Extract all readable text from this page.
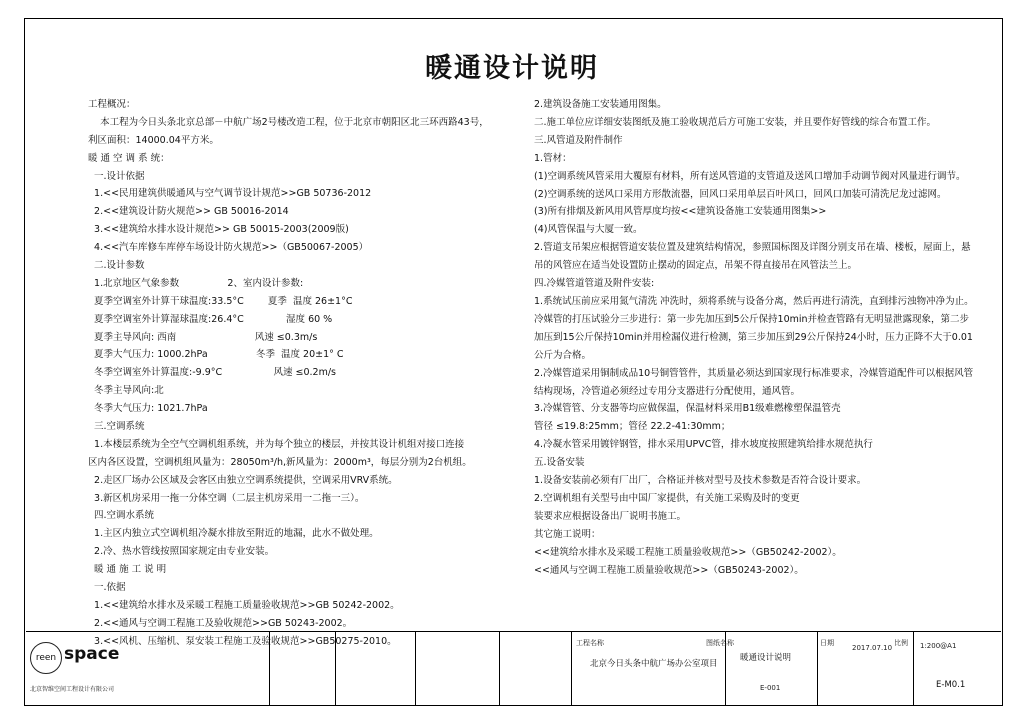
暖通设计说明
工程概况：
本工程为今日头条北京总部－中航广场2号楼改造工程，位于北京市朝阳区北三环西路43号，
利区面积：14000.04平方米。
暖 通 空 调 系 统：
一.设计依据
1.<<民用建筑供暖通风与空气调节设计规范>>GB 50736-2012
2.<<建筑设计防火规范>> GB 50016-2014
3.<<建筑给水排水设计规范>> GB 50015-2003(2009版)
4.<<汽车库修车库停车场设计防火规范>>（GB50067-2005）
二.设计参数
1.北京地区气象参数                2、室内设计参数:
夏季空调室外计算干球温度:33.5°C        夏季  温度 26±1°C
夏季空调室外计算湿球温度:26.4°C              湿度 60 %
夏季主导风向: 西南                          风速 ≤0.3m/s
夏季大气压力: 1000.2hPa                冬季  温度 20±1° C
冬季空调室外计算温度:-9.9°C                 风速 ≤0.2m/s
冬季主导风向:北
冬季大气压力: 1021.7hPa
三.空调系统
1.本楼层系统为全空气空调机组系统，并为每个独立的楼层，并按其设计机组对接口连接
区内各区设置，空调机组风量为：28050m³/h,新风量为：2000m³，每层分别为2台机组。
2.走区厂场办公区域及会客区由独立空调系统提供，空调采用VRV系统。
3.新区机房采用一拖一分体空调（二层主机房采用一二拖一三）。
四.空调水系统
1.主区内独立式空调机组冷凝水排放至附近的地漏，此水不做处理。
2.冷、热水管线按照国家规定由专业安装。
暖 通 施 工 说 明
一.依据
1.<<建筑给水排水及采暖工程施工质量验收规范>>GB 50242-2002。
2.<<通风与空调工程施工及验收规范>>GB 50243-2002。
3.<<风机、压缩机、泵安装工程施工及验收规范>>GB50275-2010。
2.建筑设备施工安装通用图集。
二.施工单位应详细安装图纸及施工验收规范后方可施工安装，并且要作好管线的综合布置工作。
三.风管道及附件制作
1.管材：
(1)空调系统风管采用大覆原有材料，所有送风管道的支管道及送风口增加手动调节阀对风量进行调节。
(2)空调系统的送风口采用方形散流器，回风口采用单层百叶风口，回风口加装可清洗尼龙过滤网。
(3)所有排烟及新风用风管厚度均按<<建筑设备施工安装通用图集>>
(4)风管保温与大厦一致。
2.管道支吊架应根据管道安装位置及建筑结构情况，参照国标图及详图分别支吊在墙、楼板，屋面上，悬吊的风管应在适当处设置防止摆动的固定点，吊架不得直接吊在风管法兰上。
四.冷媒管道管道及附件安装:
1.系统试压前应采用氮气清洗 冲洗时，须将系统与设备分离，然后再进行清洗，直到排污浊物冲净为止。冷媒管的打压试验分三步进行：第一步先加压到5公斤保持10min并检查管路有无明显泄露现象，第二步加压到15公斤保持10min并用检漏仪进行检测，第三步加压到29公斤保持24小时，压力正降不大于0.01公斤为合格。
2.冷媒管道采用铜制成品10号铜管管件，其质量必须达到国家现行标准要求，冷媒管道配件可以根据风管结构现场，冷管道必须经过专用分支器进行分配使用，通风管。
3.冷媒管管、分支器等均应做保温，保温材料采用B1级难燃橡塑保温管壳
管径 ≤19.8:25mm；管径 22.2-41:30mm；
4.冷凝水管采用镀锌钢管，排水采用UPVC管，排水坡度按照建筑给排水规范执行
五.设备安装
1.设备安装前必须有厂出厂，合格证并核对型号及技术参数是否符合设计要求。
2.空调机组有关型号由中国厂家提供，有关施工采购及时的变更
装要求应根据设备出厂说明书施工。
其它施工说明：
<<建筑给水排水及采暖工程施工质量验收规范>>（GB50242-2002）。
<<通风与空调工程施工质量验收规范>>（GB50243-2002）。
reen space
北京智维空间工程设计有限公司
工程名称
北京今日头条中航广场办公室项目
图纸名称
暖通设计说明
E-001
日期
2017.07.10
比例 1:200@A1
E-M0.1
